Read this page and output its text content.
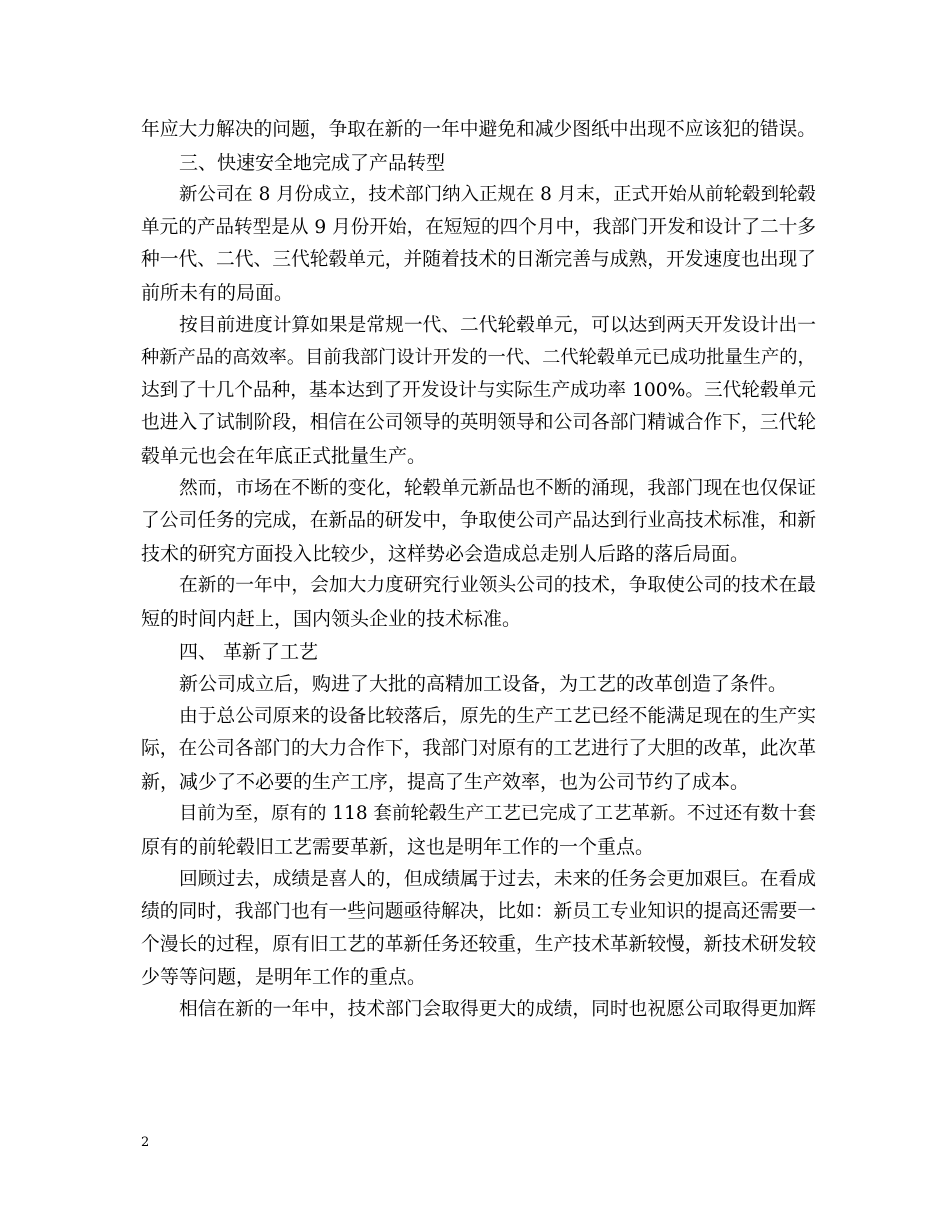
年应大力解决的问题，争取在新的一年中避免和减少图纸中出现不应该犯的错误。
三、快速安全地完成了产品转型
新公司在 8 月份成立，技术部门纳入正规在 8 月末，正式开始从前轮毂到轮毂
单元的产品转型是从 9 月份开始，在短短的四个月中，我部门开发和设计了二十多
种一代、二代、三代轮毂单元，并随着技术的日渐完善与成熟，开发速度也出现了
前所未有的局面。
按目前进度计算如果是常规一代、二代轮毂单元，可以达到两天开发设计出一
种新产品的高效率。目前我部门设计开发的一代、二代轮毂单元已成功批量生产的，
达到了十几个品种，基本达到了开发设计与实际生产成功率 100%。三代轮毂单元
也进入了试制阶段，相信在公司领导的英明领导和公司各部门精诚合作下，三代轮
毂单元也会在年底正式批量生产。
然而，市场在不断的变化，轮毂单元新品也不断的涌现，我部门现在也仅保证
了公司任务的完成，在新品的研发中，争取使公司产品达到行业高技术标准，和新
技术的研究方面投入比较少，这样势必会造成总走别人后路的落后局面。
在新的一年中，会加大力度研究行业领头公司的技术，争取使公司的技术在最
短的时间内赶上，国内领头企业的技术标准。
四、 革新了工艺
新公司成立后，购进了大批的高精加工设备，为工艺的改革创造了条件。
由于总公司原来的设备比较落后，原先的生产工艺已经不能满足现在的生产实
际，在公司各部门的大力合作下，我部门对原有的工艺进行了大胆的改革，此次革
新，减少了不必要的生产工序，提高了生产效率，也为公司节约了成本。
目前为至，原有的 118 套前轮毂生产工艺已完成了工艺革新。不过还有数十套
原有的前轮毂旧工艺需要革新，这也是明年工作的一个重点。
回顾过去，成绩是喜人的，但成绩属于过去，未来的任务会更加艰巨。在看成
绩的同时，我部门也有一些问题亟待解决，比如：新员工专业知识的提高还需要一
个漫长的过程，原有旧工艺的革新任务还较重，生产技术革新较慢，新技术研发较
少等等问题，是明年工作的重点。
相信在新的一年中，技术部门会取得更大的成绩，同时也祝愿公司取得更加辉
2
